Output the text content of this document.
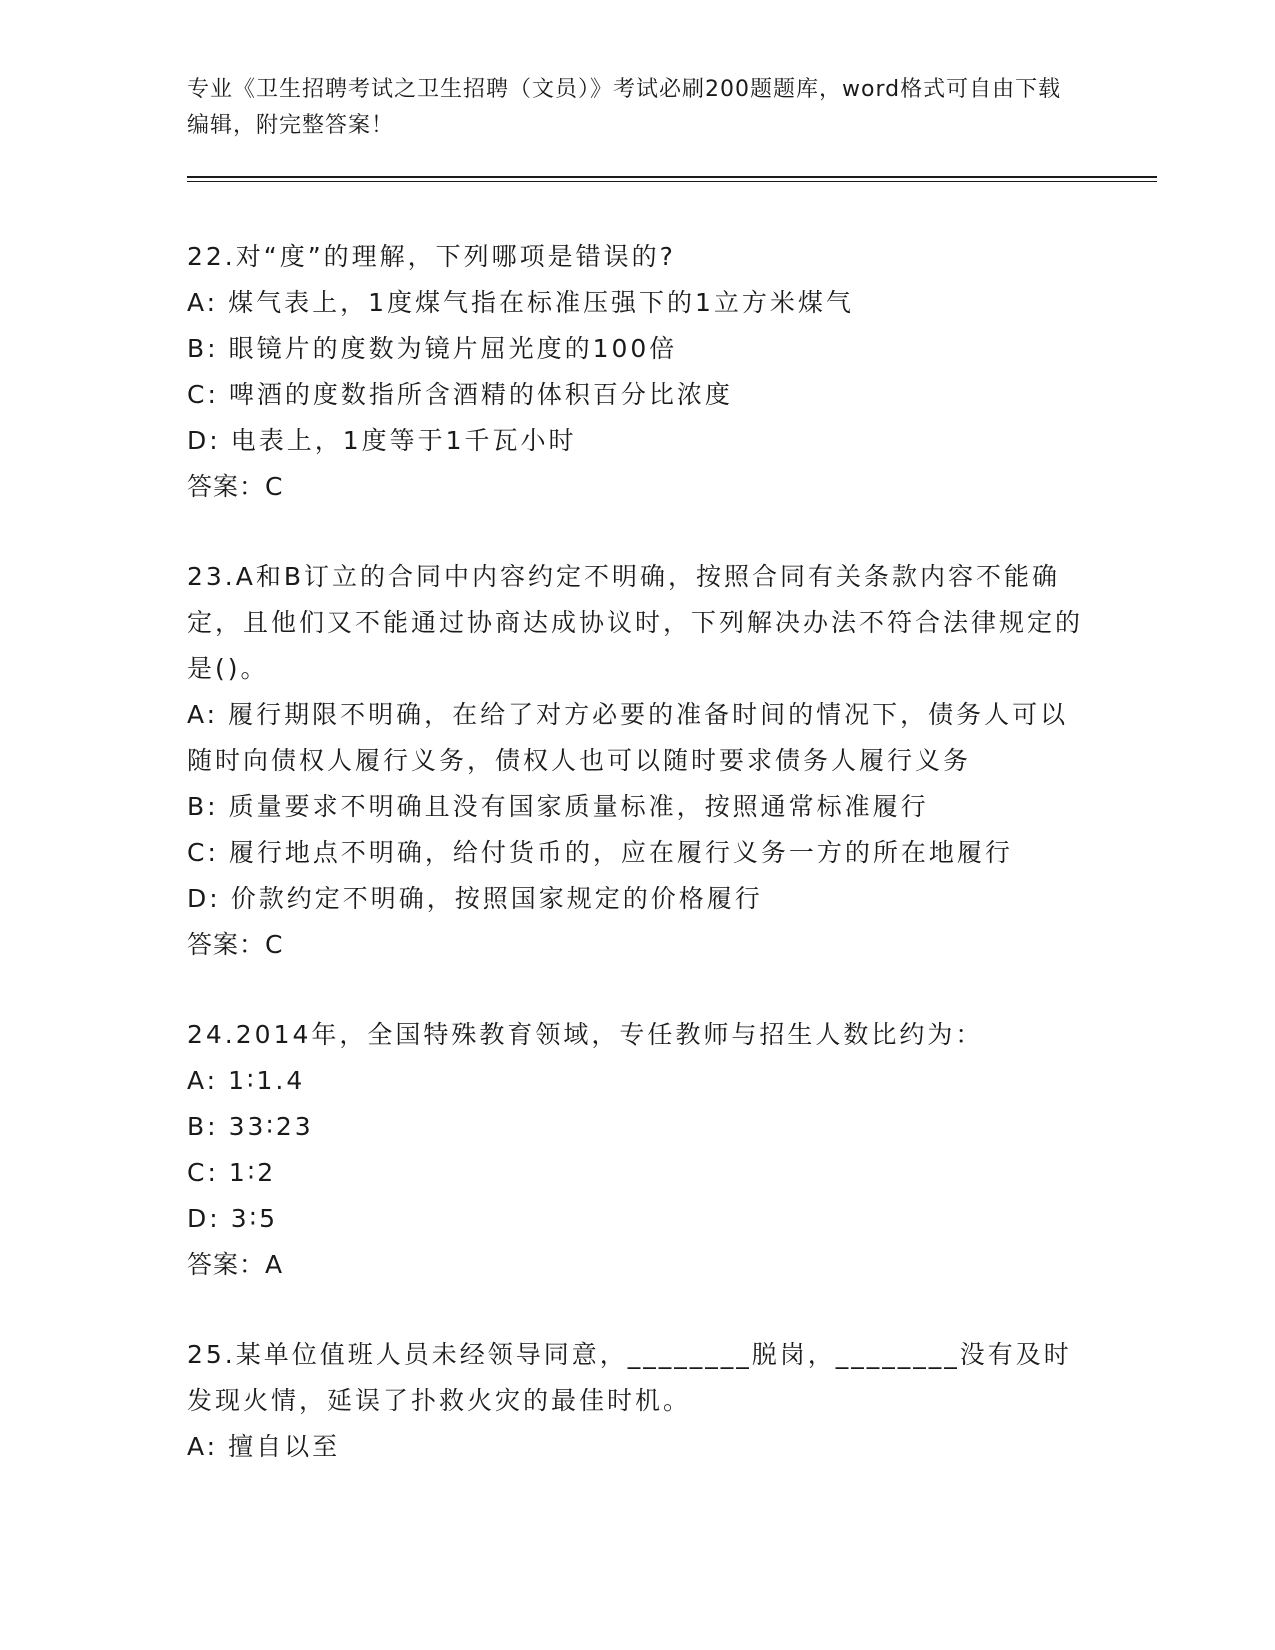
专业《卫生招聘考试之卫生招聘（文员）》考试必刷200题题库，word格式可自由下载编辑，附完整答案！
22.对“度”的理解，下列哪项是错误的?
A: 煤气表上，1度煤气指在标准压强下的1立方米煤气
B: 眼镜片的度数为镜片屈光度的100倍
C: 啤酒的度数指所含酒精的体积百分比浓度
D: 电表上，1度等于1千瓦小时
答案：C
23.A和B订立的合同中内容约定不明确，按照合同有关条款内容不能确定，且他们又不能通过协商达成协议时，下列解决办法不符合法律规定的是()。
A: 履行期限不明确，在给了对方必要的准备时间的情况下，债务人可以随时向债权人履行义务，债权人也可以随时要求债务人履行义务
B: 质量要求不明确且没有国家质量标准，按照通常标准履行
C: 履行地点不明确，给付货币的，应在履行义务一方的所在地履行
D: 价款约定不明确，按照国家规定的价格履行
答案：C
24.2014年，全国特殊教育领域，专任教师与招生人数比约为：
A: 1∶1.4
B: 33∶23
C: 1∶2
D: 3∶5
答案：A
25.某单位值班人员未经领导同意，________脱岗，________没有及时发现火情，延误了扑救火灾的最佳时机。
A: 擅自以至
